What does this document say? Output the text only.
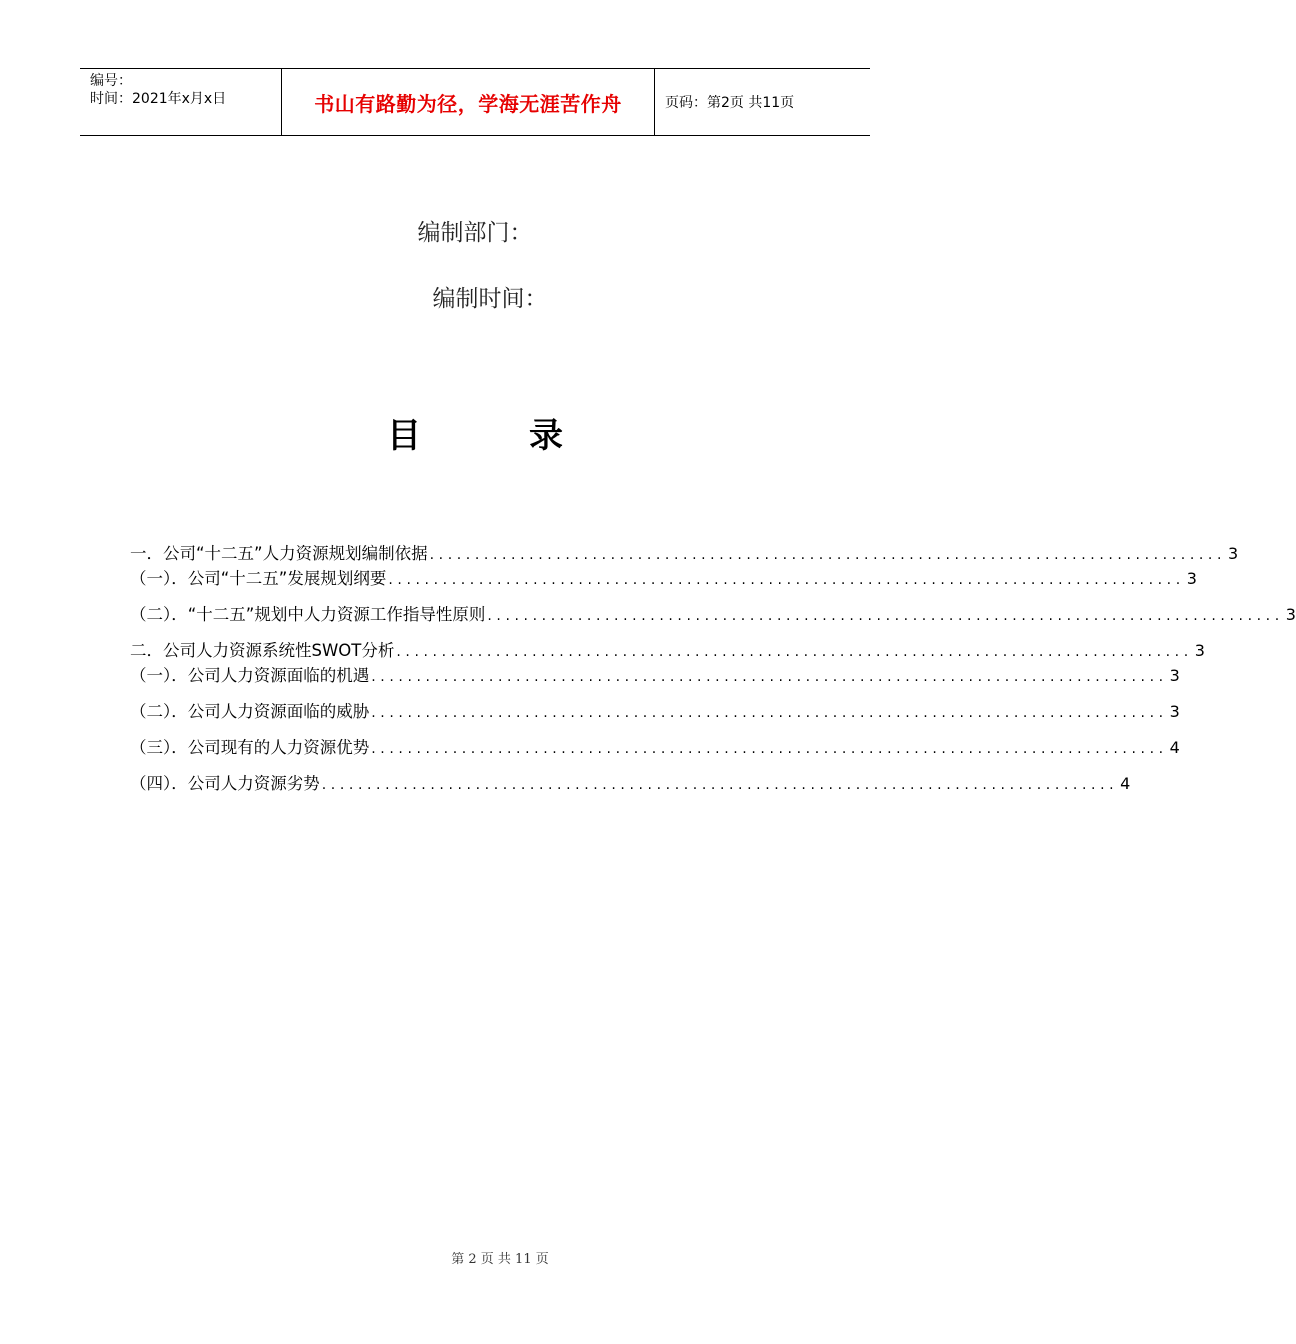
编号：
时间：2021年x月x日	书山有路勤为径，学海无涯苦作舟	页码：第2页 共11页
编制部门：
编制时间：
目	录
一．公司“十二五”人力资源规划编制依据 ........................................................................................ 3
（一）．公司“十二五”发展规划纲要 ........................................................................................ 3
（二）．“十二五”规划中人力资源工作指导性原则 ........................................................................................ 3
二．公司人力资源系统性SWOT分析 ........................................................................................ 3
（一）．公司人力资源面临的机遇 ........................................................................................ 3
（二）．公司人力资源面临的威胁 ........................................................................................ 3
（三）．公司现有的人力资源优势 ........................................................................................ 4
（四）．公司人力资源劣势 ........................................................................................ 4
第 2 页 共 11 页
